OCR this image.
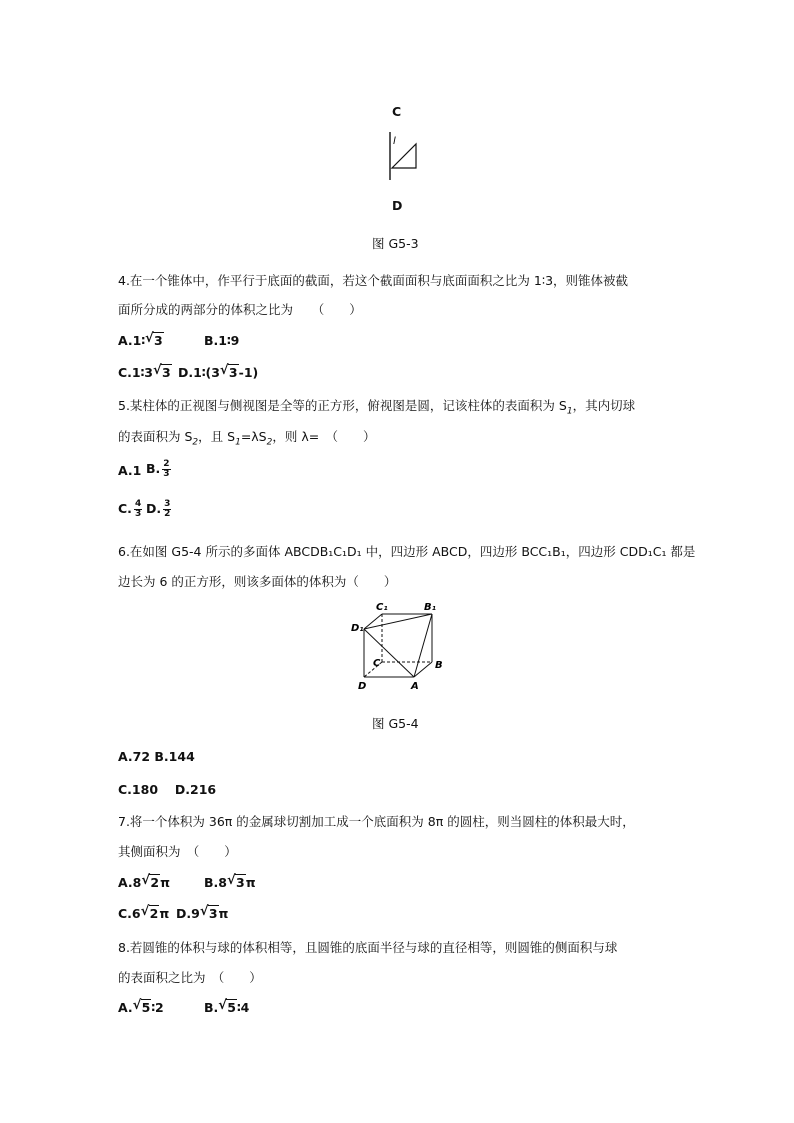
C
l
D
图 G5-3
4.在一个锥体中，作平行于底面的截面，若这个截面面积与底面面积之比为 1∶3，则锥体被截
面所分成的两部分的体积之比为　　（　　）
A.1∶ √ 3	B.1∶9
C.1∶3 √ 3 D.1∶(3 √ 3-1)
5.某柱体的正视图与侧视图是全等的正方形，俯视图是圆，记该柱体的表面积为 $S_1$，其内切球
的表面积为 $S_2$，且 $S_1=\lambda S_2$，则 λ=　（　　）
A.1 B. $\frac{2}{3}$
C. $\frac{4}{3} D$. $\frac{3}{2}$
6.在如图 G5-4 所示的多面体 ABCDB₁C₁D₁ 中，四边形 ABCD，四边形 BCC₁B₁，四边形 CDD₁C₁ 都是
边长为 6 的正方形，则该多面体的体积为（　　）
C₁	B₁
D₁
C	B
D	A
图 G5-4
A.72 B.144
C.180　 D.216
7.将一个体积为 36π 的金属球切割加工成一个底面积为 8π 的圆柱，则当圆柱的体积最大时，
其侧面积为　（　　）
A.8 √ 2π	B.8 √ 3π
C.6 √ 2π D.9 √ 3π
8.若圆锥的体积与球的体积相等，且圆锥的底面半径与球的直径相等，则圆锥的侧面积与球
的表面积之比为　（　　）
A. √ 5∶2	B. √ 5∶4
